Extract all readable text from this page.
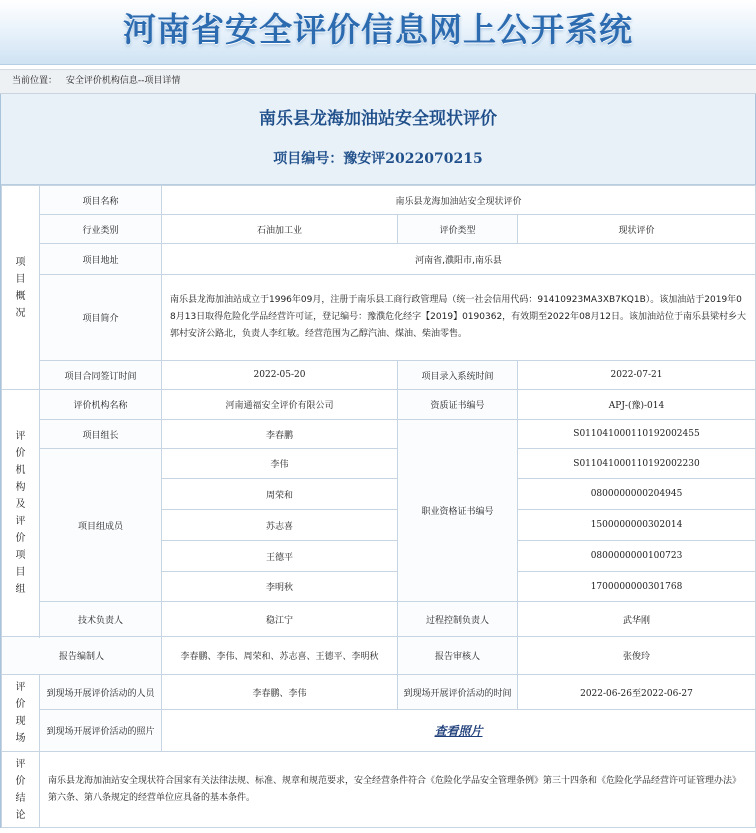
河南省安全评价信息网上公开系统
当前位置： 安全评价机构信息--项目详情
南乐县龙海加油站安全现状评价
项目编号：豫安评2022070215
项目概况	项目名称	南乐县龙海加油站安全现状评价		
	行业类别	石油加工业	评价类型	现状评价
	项目地址	河南省,濮阳市,南乐县		
	项目简介	南乐县龙海加油站成立于1996年09月，注册于南乐县工商行政管理局（统一社会信用代码：91410923MA3XB7KQ1B）。该加油站于2019年08月13日取得危险化学品经营许可证，登记编号：豫濮危化经字【2019】0190362，有效期至2022年08月12日。该加油站位于南乐县梁村乡大郭村安济公路北，负责人李红敏。经营范围为乙醇汽油、煤油、柴油零售。		
	项目合同签订时间	2022-05-20	项目录入系统时间	2022-07-21

评价机构及评价项目组	评价机构名称	河南通福安全评价有限公司	资质证书编号	APJ-(豫)-014
	项目组长	李春鹏	职业资格证书编号	S011041000110192002455
	项目组成员	李伟		S011041000110192002230
		周荣和		0800000000204945
		苏志喜		1500000000302014
		王德平		0800000000100723
		李明秋		1700000000301768
	技术负责人	稳江宁	过程控制负责人	武华刚

报告编制人		李春鹏、李伟、周荣和、苏志喜、王德平、李明秋	报告审核人	张俊玲
评价现场	到现场开展评价活动的人员	李春鹏、李伟	到现场开展评价活动的时间	2022-06-26至2022-06-27
	到现场开展评价活动的照片	查看照片		
评价结论	南乐县龙海加油站安全现状符合国家有关法律法规、标准、规章和规范要求，安全经营条件符合《危险化学品安全管理条例》第三十四条和《危险化学品经营许可证管理办法》第六条、第八条规定的经营单位应具备的基本条件。			
